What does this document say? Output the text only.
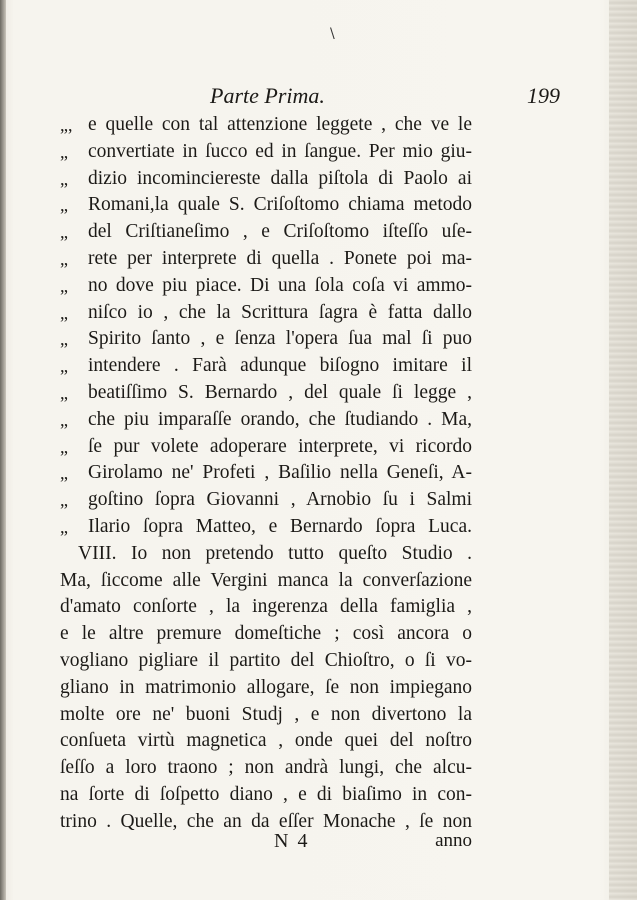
\
Parte Prima.	199
„, e quelle con tal attenzione leggete , che ve le
„	convertiate in ſucco ed in ſangue. Per mio giu-
„	dizio incominciereste dalla piſtola di Paolo ai
„	Romani,la quale S. Criſoſtomo chiama metodo
„	del Criſtianeſimo , e Criſoſtomo iſteſſo uſe-
„	rete per interprete di quella . Ponete poi ma-
„	no dove piu piace. Di una ſola coſa vi ammo-
„	niſco io , che la Scrittura ſagra è fatta dallo
„	Spirito ſanto , e ſenza l'opera ſua mal ſi puo
„	intendere . Farà adunque biſogno imitare il
„	beatiſſimo S. Bernardo , del quale ſi legge ,
„	che piu imparaſſe orando, che ſtudiando . Ma,
„	ſe pur volete adoperare interprete, vi ricordo
„	Girolamo ne' Profeti , Baſilio nella Geneſi, A-
„	goſtino ſopra Giovanni , Arnobio ſu i Salmi
„	Ilario ſopra Matteo, e Bernardo ſopra Luca.
VIII. Io non pretendo tutto queſto Studio .
Ma, ſiccome alle Vergini manca la converſazione
d'amato conſorte , la ingerenza della famiglia ,
e le altre premure domeſtiche ; così ancora o
vogliano pigliare il partito del Chioſtro, o ſi vo-
gliano in matrimonio allogare, ſe non impiegano
molte ore ne' buoni Studj , e non divertono la
conſueta virtù magnetica , onde quei del noſtro
ſeſſo a loro traono ; non andrà lungi, che alcu-
na ſorte di ſoſpetto diano , e di biaſimo in con-
trino . Quelle, che an da eſſer Monache , ſe non
N 4	anno
